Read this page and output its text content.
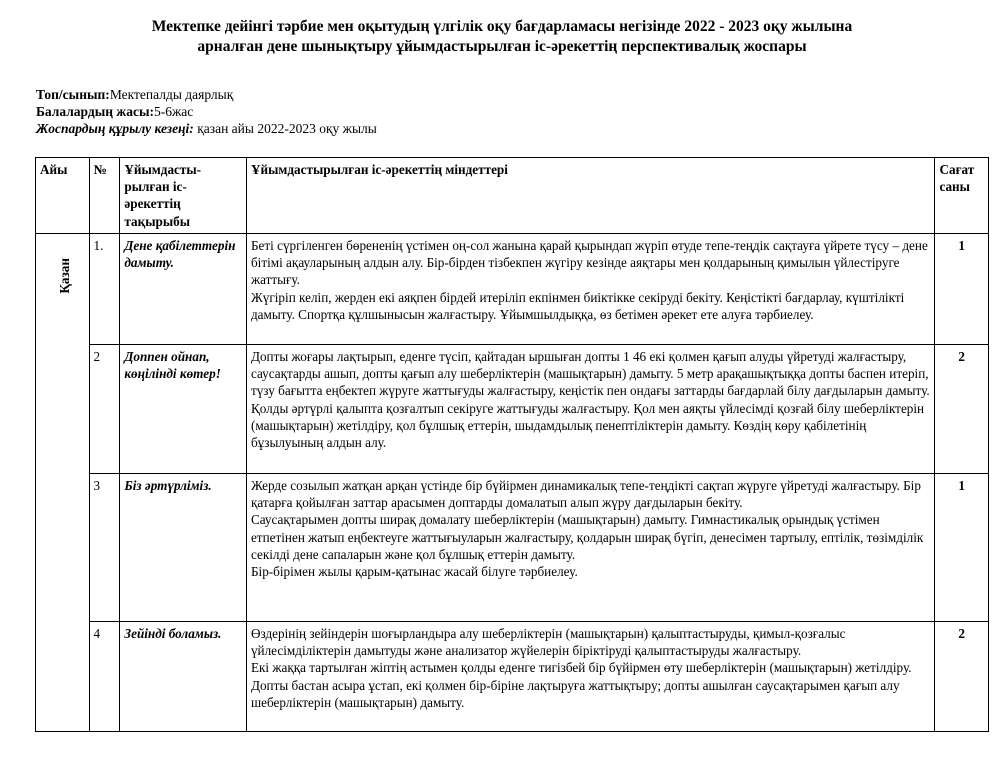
Мектепке дейінгі тәрбие мен оқытудың үлгілік оқу бағдарламасы негізінде 2022 - 2023 оқу жылына
арналған дене шынықтыру ұйымдастырылған іс-әрекеттің перспективалық жоспары
Топ/сынып:Мектепалды даярлық
Балалардың жасы:5-6жас
Жоспардың құрылу кезеңі: қазан айы 2022-2023 оқу жылы
Айы	№	Ұйымдасты-рылған іс-әрекеттің тақырыбы	Ұйымдастырылған іс-әрекеттің міндеттері	Сағат саны

Қазан	1.	Дене қабілеттерін дамыту.	Беті сүргіленген бөрененің үстімен оң-сол жанына қарай қырындап жүріп өтуде тепе-теңдік сақтауға үйрете түсу – дене бітімі ақауларының алдын алу. Бір-бірден тізбекпен жүгіру кезінде аяқтары мен қолдарының қимылын үйлестіруге жаттығу.
Жүгіріп келіп, жерден екі аяқпен бірдей итеріліп екпінмен биіктікке секіруді бекіту. Кеңістікті бағдарлау, күштілікті дамыту. Спортқа құлшынысын жалғастыру. Ұйымшылдыққа, өз бетімен әрекет ете алуға тәрбиелеу.	1
	2	Доппен ойнап, көңілінді көтер!	Допты жоғары лақтырып, еденге түсіп, қайтадан ыршыған допты 1 46 екі қолмен қағып алуды үйретуді жалғастыру, саусақтарды ашып, допты қағып алу шеберліктерін (машықтарын) дамыту. 5 метр арақашықтыққа допты баспен итеріп, түзу бағытта еңбектеп жүруге жаттығуды жалғастыру, кеңістік пен ондағы заттарды бағдарлай білу дағдыларын дамыту. Қолды әртүрлі қалыпта қозғалтып секіруге жаттығуды жалғастыру. Қол мен аяқты үйлесімді қозғай білу шеберліктерін (машықтарын) жетілдіру, қол бұлшық еттерін, шыдамдылық пенептіліктерін дамыту. Көздің көру қабілетінің бұзылуының алдын алу.	2
	3	Біз әртүрліміз.	Жерде созылып жатқан арқан үстінде бір бүйірмен динамикалық тепе-теңдікті сақтап жүруге үйретуді жалғастыру. Бір қатарға қойылған заттар арасымен доптарды домалатып алып жүру дағдыларын бекіту.
Саусақтарымен допты ширақ домалату шеберліктерін (машықтарын) дамыту. Гимнастикалық орындық үстімен етпетінен жатып еңбектеуге жаттығыуларын жалғастыру, қолдарын ширақ бүгіп, денесімен тартылу, ептілік, төзімділік секілді дене сапаларын және қол бұлшық еттерін дамыту.
Бір-бірімен жылы қарым-қатынас жасай білуге тәрбиелеу.	1
	4	Зейінді боламыз.	Өздерінің зейіндерін шоғырландыра алу шеберліктерін (машықтарын) қалыптастыруды, қимыл-қозғалыс үйлесімділіктерін дамытуды және анализатор жүйелерін біріктіруді қалыптастыруды жалғастыру.
Екі жаққа тартылған жіптің астымен қолды еденге тигізбей бір бүйірмен өту шеберліктерін (машықтарын) жетілдіру. Допты бастан асыра ұстап, екі қолмен бір-біріне лақтыруға жаттықтыру; допты ашылған саусақтарымен қағып алу шеберліктерін (машықтарын) дамыту.	2
